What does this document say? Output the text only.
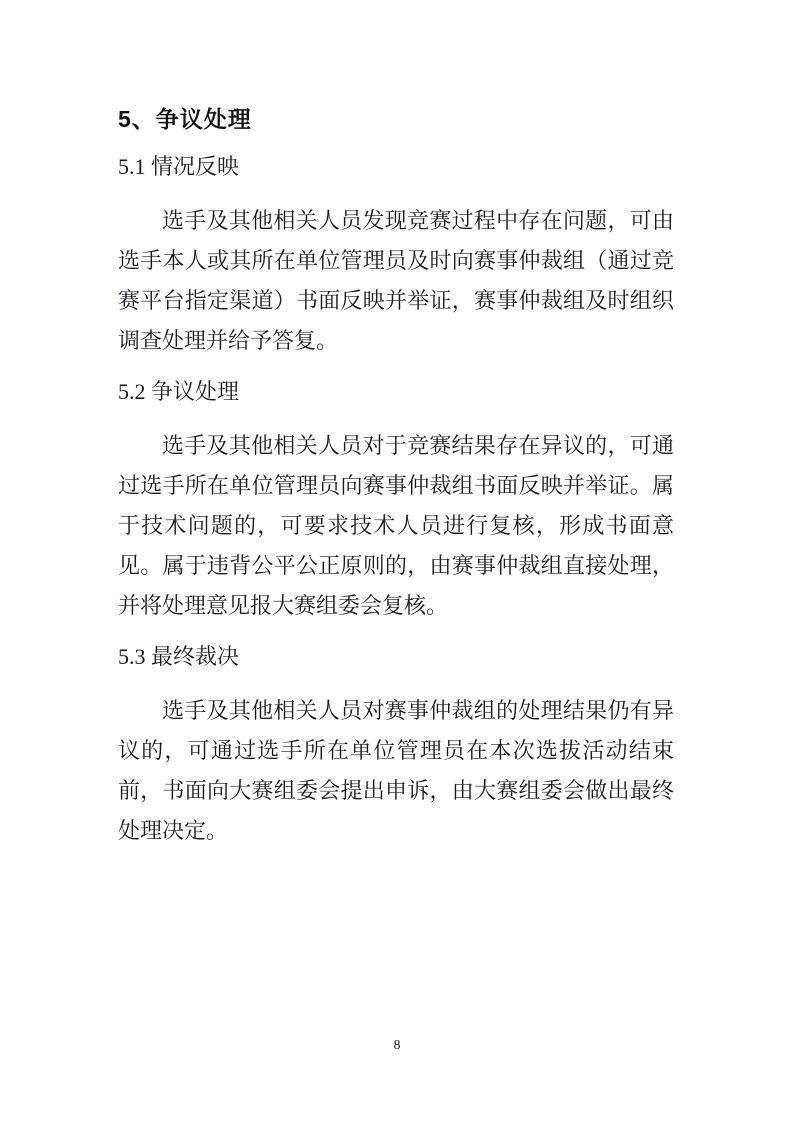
5、争议处理
5.1 情况反映

选手及其他相关人员发现竞赛过程中存在问题，可由选手本人或其所在单位管理员及时向赛事仲裁组（通过竞赛平台指定渠道）书面反映并举证，赛事仲裁组及时组织调查处理并给予答复。

5.2 争议处理

选手及其他相关人员对于竞赛结果存在异议的，可通过选手所在单位管理员向赛事仲裁组书面反映并举证。属于技术问题的，可要求技术人员进行复核，形成书面意见。属于违背公平公正原则的，由赛事仲裁组直接处理，并将处理意见报大赛组委会复核。

5.3 最终裁决

选手及其他相关人员对赛事仲裁组的处理结果仍有异议的，可通过选手所在单位管理员在本次选拔活动结束前，书面向大赛组委会提出申诉，由大赛组委会做出最终处理决定。

8
